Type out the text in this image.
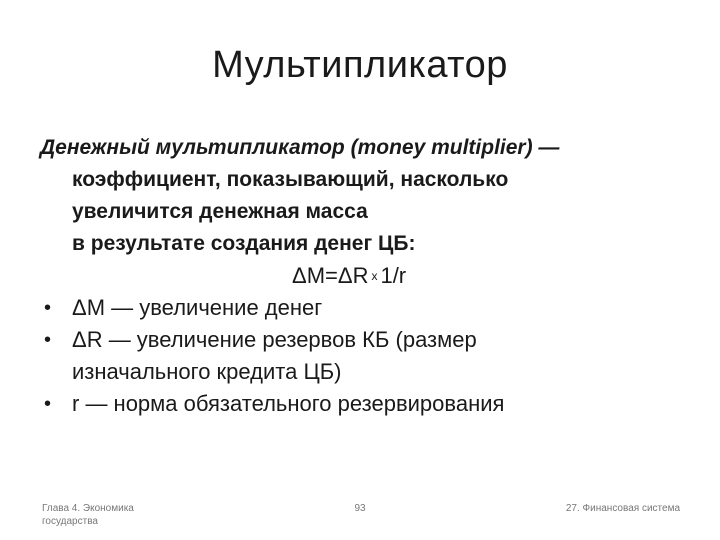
Мультипликатор

Денежный мультипликатор (money multiplier) —

коэффициент, показывающий, насколько

увеличится денежная масса

в результате создания денег ЦБ:

ΔM=ΔR x 1/r

• ΔM — увеличение денег

• ΔR — увеличение резервов КБ (размер

изначального кредита ЦБ)

• r — норма обязательного резервирования

Глава 4. Экономика
государства
93	27. Финансовая система
